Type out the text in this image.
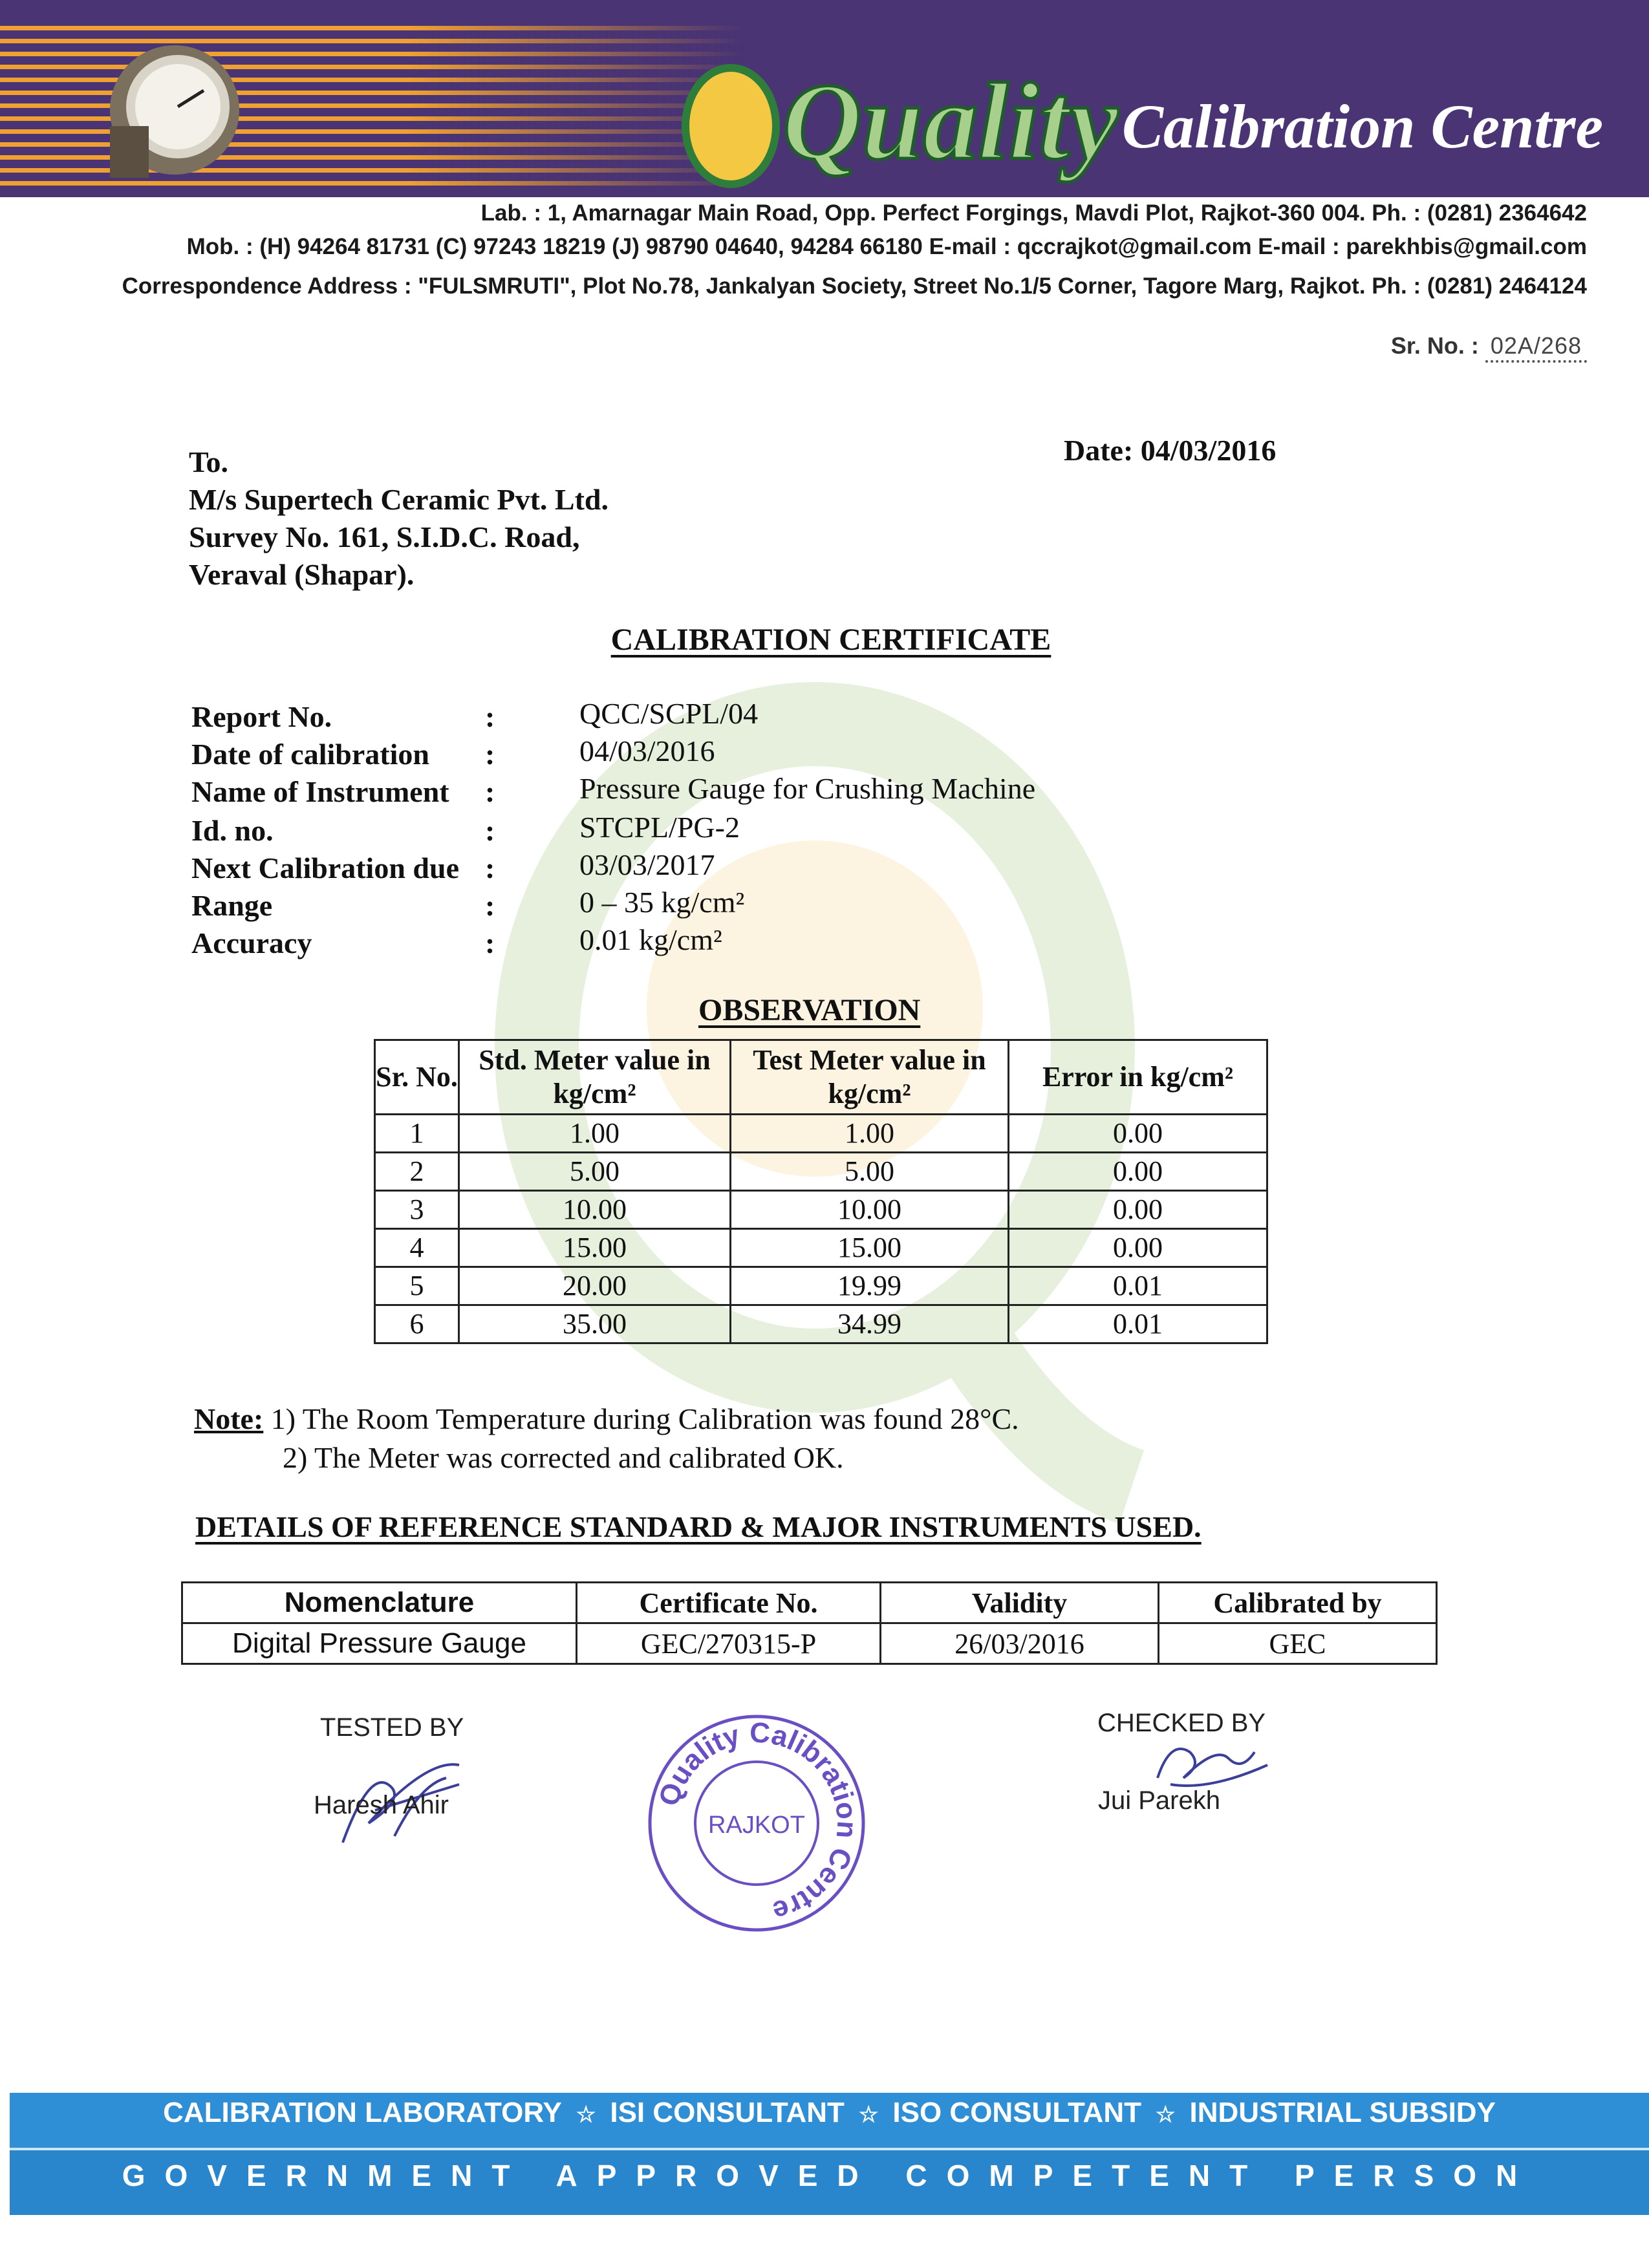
Quality Calibration Centre
Lab. : 1, Amarnagar Main Road, Opp. Perfect Forgings, Mavdi Plot, Rajkot-360 004. Ph. : (0281) 2364642
Mob. : (H) 94264 81731 (C) 97243 18219 (J) 98790 04640, 94284 66180 E-mail : qccrajkot@gmail.com E-mail : parekhbis@gmail.com
Correspondence Address : "FULSMRUTI", Plot No.78, Jankalyan Society, Street No.1/5 Corner, Tagore Marg, Rajkot. Ph. : (0281) 2464124
Sr. No. : 02A/268
To.
M/s Supertech Ceramic Pvt. Ltd.
Survey No. 161, S.I.D.C. Road,
Veraval (Shapar).
Date: 04/03/2016
CALIBRATION CERTIFICATE
Report No.	:	QCC/SCPL/04
Date of calibration :	04/03/2016
Name of Instrument :	Pressure Gauge for Crushing Machine
Id. no.	:	STCPL/PG-2
Next Calibration due :	03/03/2017
Range	:	0 – 35 kg/cm²
Accuracy	:	0.01 kg/cm²
OBSERVATION
Sr. No.	Std. Meter value in kg/cm²	Test Meter value in kg/cm²	Error in kg/cm²
1	1.00	1.00	0.00
2	5.00	5.00	0.00
3	10.00	10.00	0.00
4	15.00	15.00	0.00
5	20.00	19.99	0.01
6	35.00	34.99	0.01
Note: 1) The Room Temperature during Calibration was found 28°C.
2) The Meter was corrected and calibrated OK.
DETAILS OF REFERENCE STANDARD & MAJOR INSTRUMENTS USED.
Nomenclature	Certificate No.	Validity	Calibrated by
Digital Pressure Gauge	GEC/270315-P	26/03/2016	GEC
TESTED BY
Haresh Ahir	Quality Calibration Centre
RAJKOT
CHECKED BY
Jui Parekh
CALIBRATION LABORATORY ☆ ISI CONSULTANT ☆ ISO CONSULTANT ☆ INDUSTRIAL SUBSIDY
GOVERNMENT APPROVED COMPETENT PERSON
